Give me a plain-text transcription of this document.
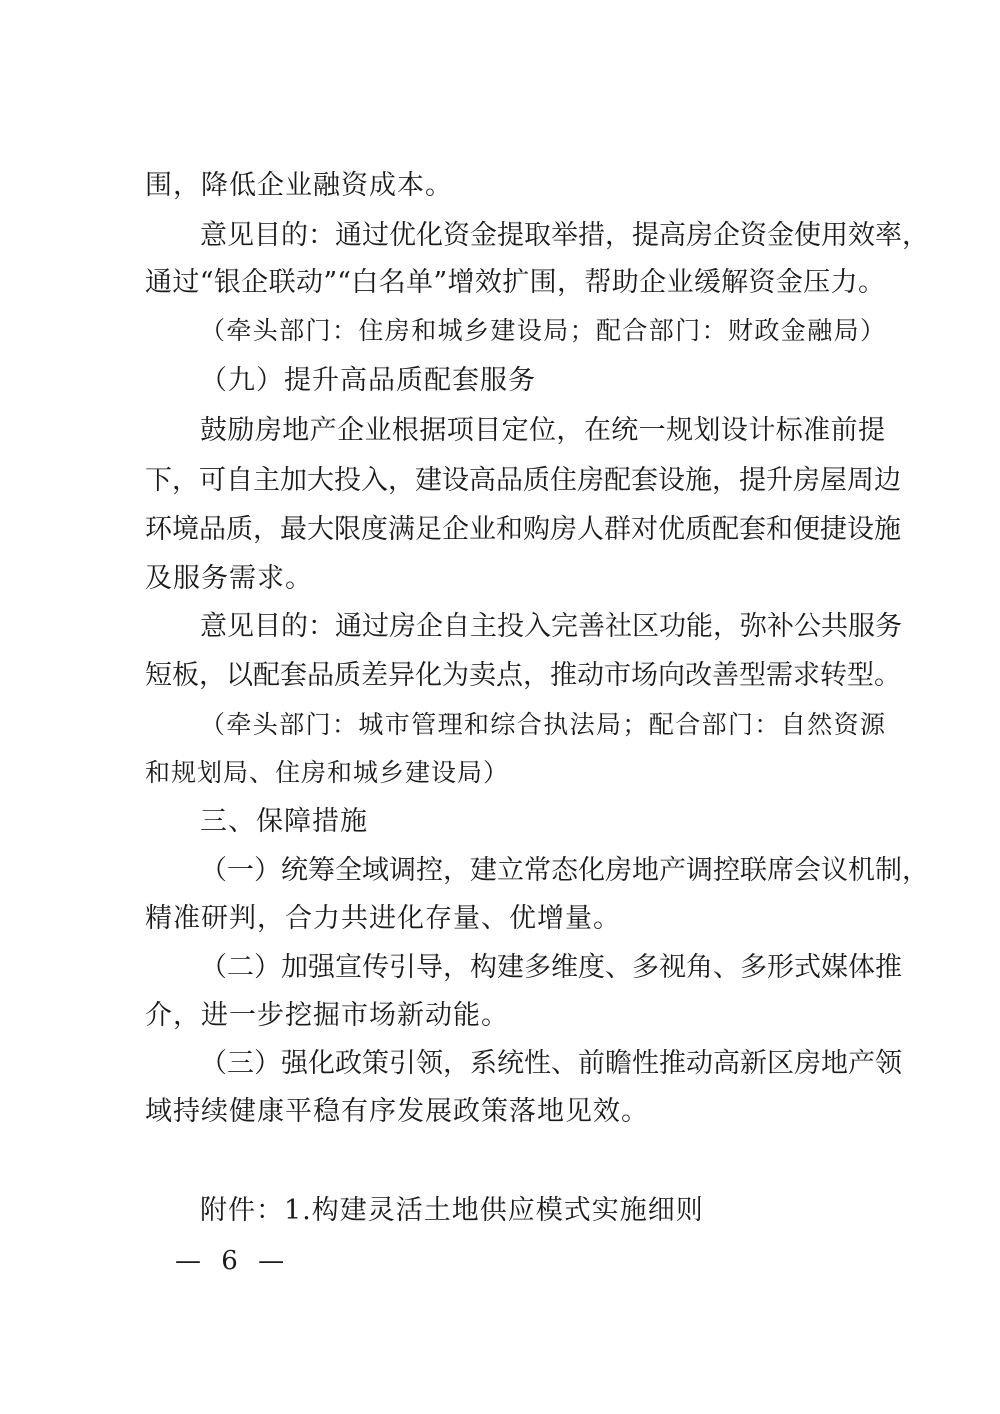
围，降低企业融资成本。
意见目的：通过优化资金提取举措，提高房企资金使用效率，
通过“银企联动”“白名单”增效扩围，帮助企业缓解资金压力。
（牵头部门：住房和城乡建设局；配合部门：财政金融局）
（九）提升高品质配套服务
鼓励房地产企业根据项目定位，在统一规划设计标准前提
下，可自主加大投入，建设高品质住房配套设施，提升房屋周边
环境品质，最大限度满足企业和购房人群对优质配套和便捷设施
及服务需求。
意见目的：通过房企自主投入完善社区功能，弥补公共服务
短板，以配套品质差异化为卖点，推动市场向改善型需求转型。
（牵头部门：城市管理和综合执法局；配合部门：自然资源
和规划局、住房和城乡建设局）
三、保障措施
（一）统筹全域调控，建立常态化房地产调控联席会议机制，
精准研判，合力共进化存量、优增量。
（二）加强宣传引导，构建多维度、多视角、多形式媒体推
介，进一步挖掘市场新动能。
（三）强化政策引领，系统性、前瞻性推动高新区房地产领
域持续健康平稳有序发展政策落地见效。
附件：1.构建灵活土地供应模式实施细则
— 6 —
